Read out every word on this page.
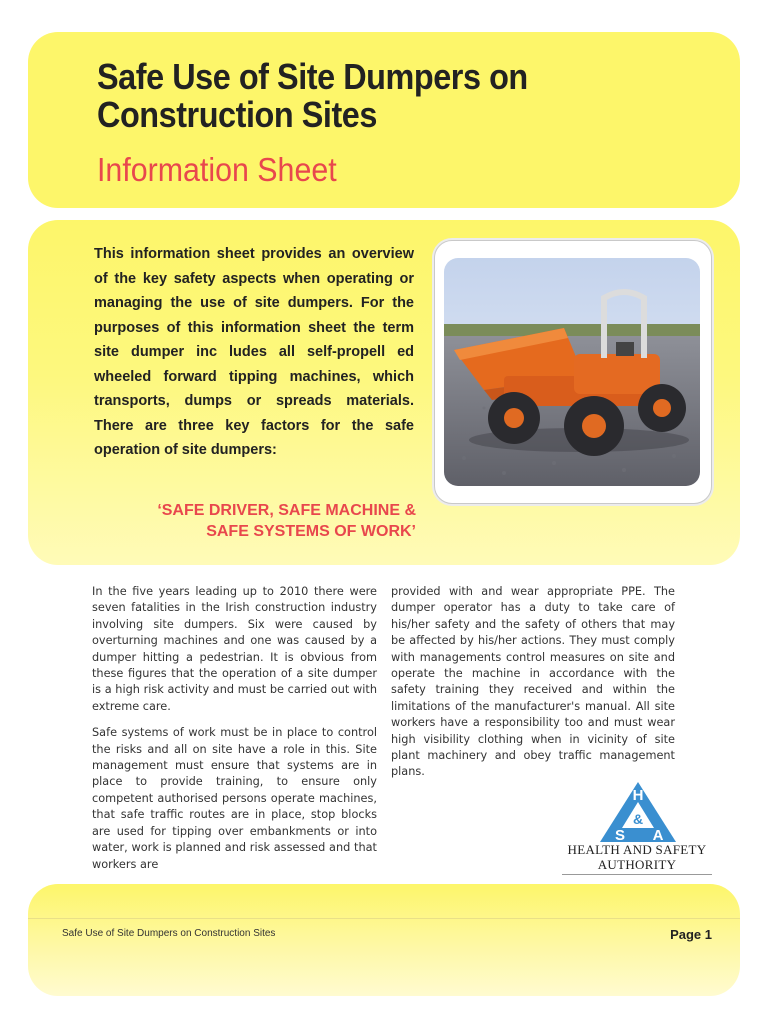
Safe Use of Site Dumpers on Construction Sites
Information Sheet

This information sheet provides an overview of the key safety aspects when operating or managing the use of site dumpers. For the purposes of this information sheet the term site dumper inc ludes all self-propell ed wheeled forward tipping machines, which transports, dumps or spreads materials. There are three key factors for the safe operation of site dumpers:

‘SAFE DRIVER, SAFE MACHINE &
SAFE SYSTEMS OF WORK’

In the five years leading up to 2010 there were seven fatalities in the Irish construction industry involving site dumpers. Six were caused by overturning machines and one was caused by a dumper hitting a pedestrian. It is obvious from these figures that the operation of a site dumper is a high risk activity and must be carried out with extreme care.

Safe systems of work must be in place to control the risks and all on site have a role in this. Site management must ensure that systems are in place to provide training, to ensure only competent authorised persons operate machines, that safe traffic routes are in place, stop blocks are used for tipping over embankments or into water, work is planned and risk assessed and that workers are

provided with and wear appropriate PPE. The dumper operator has a duty to take care of his/her safety and the safety of others that may be affected by his/her actions. They must comply with managements control measures on site and operate the machine in accordance with the safety training they received and within the limitations of the manufacturer's manual. All site workers have a responsibility too and must wear high visibility clothing when in vicinity of site plant machinery and obey traffic management plans.

H
&
S A

HEALTH AND SAFETY
AUTHORITY

Safe Use of Site Dumpers on Construction Sites	Page 1
